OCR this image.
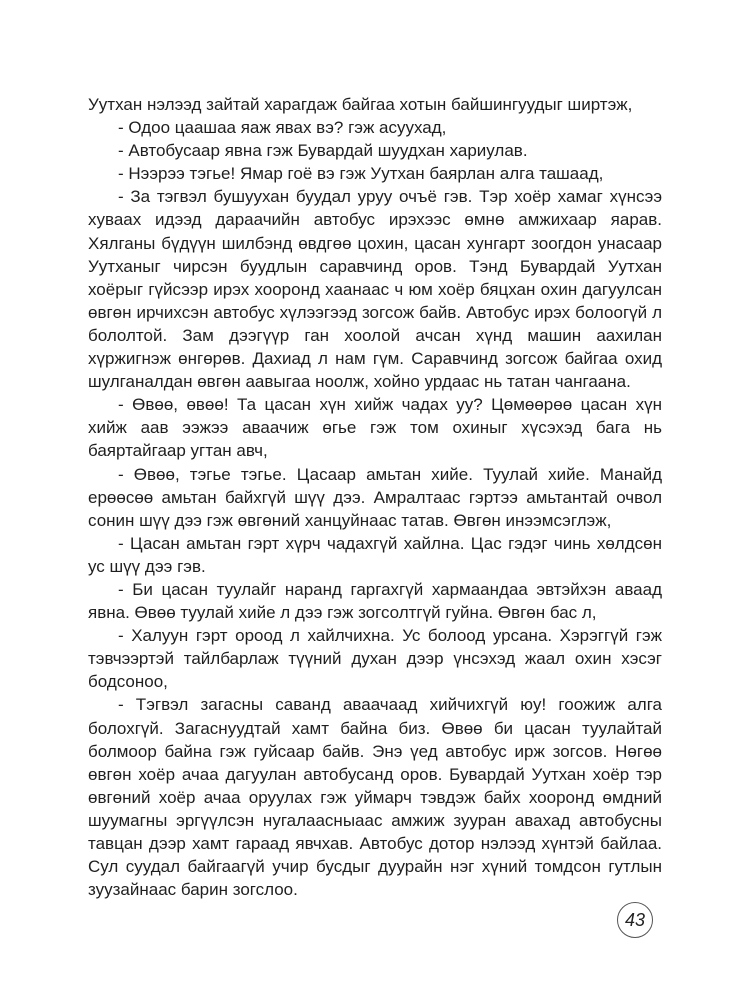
Уутхан нэлээд зайтай харагдаж байгаа хотын байшингуудыг ширтэж,

- Одоо цаашаа яаж явах вэ? гэж асуухад,

- Автобусаар явна гэж Бувардай шуудхан хариулав.

- Нээрээ тэгье! Ямар гоё вэ гэж Уутхан баярлан алга ташаад,

- За тэгвэл бушуухан буудал уруу очъё гэв. Тэр хоёр хамаг хүнсээ хуваах идээд дараачийн автобус ирэхээс өмнө амжихаар яарав. Хялганы бүдүүн шилбэнд өвдгөө цохин, цасан хунгарт зоогдон унасаар Уутханыг чирсэн буудлын саравчинд оров. Тэнд Бувардай Уутхан хоёрыг гүйсээр ирэх хооронд хаанаас ч юм хоёр бяцхан охин дагуулсан өвгөн ирчихсэн автобус хүлээгээд зогсож байв. Автобус ирэх болоогүй л бололтой. Зам дээгүүр ган хоолой ачсан хүнд машин аахилан хүржигнэж өнгөрөв. Дахиад л нам гүм. Саравчинд зогсож байгаа охид шулганалдан өвгөн аавыгаа ноолж, хойно урдаас нь татан чангаана.

- Өвөө, өвөө! Та цасан хүн хийж чадах уу? Цөмөөрөө цасан хүн хийж аав ээжээ аваачиж өгье гэж том охиныг хүсэхэд бага нь баяртайгаар угтан авч,

- Өвөө, тэгье тэгье. Цасаар амьтан хийе. Туулай хийе. Манайд ерөөсөө амьтан байхгүй шүү дээ. Амралтаас гэртээ амьтантай очвол сонин шүү дээ гэж өвгөний ханцуйнаас татав. Өвгөн инээмсэглэж,

- Цасан амьтан гэрт хүрч чадахгүй хайлна. Цас гэдэг чинь хөлдсөн ус шүү дээ гэв.

- Би цасан туулайг наранд гаргахгүй хармаандаа эвтэйхэн аваад явна. Өвөө туулай хийе л дээ гэж зогсолтгүй гуйна. Өвгөн бас л,

- Халуун гэрт ороод л хайлчихна. Ус болоод урсана. Хэрэггүй гэж тэвчээртэй тайлбарлаж түүний духан дээр үнсэхэд жаал охин хэсэг бодсоноо,

- Тэгвэл загасны саванд аваачаад хийчихгүй юу! гоожиж алга болохгүй. Загаснуудтай хамт байна биз. Өвөө би цасан туулайтай болмоор байна гэж гуйсаар байв. Энэ үед автобус ирж зогсов. Нөгөө өвгөн хоёр ачаа дагуулан автобусанд оров. Бувардай Уутхан хоёр тэр өвгөний хоёр ачаа оруулах гэж уймарч тэвдэж байх хооронд өмдний шуумагны эргүүлсэн нугалаасныаас амжиж зууран авахад автобусны тавцан дээр хамт гараад явчхав. Автобус дотор нэлээд хүнтэй байлаа. Сул суудал байгаагүй учир бусдыг дуурайн нэг хүний томдсон гутлын зуузайнаас барин зогслоо.

43
